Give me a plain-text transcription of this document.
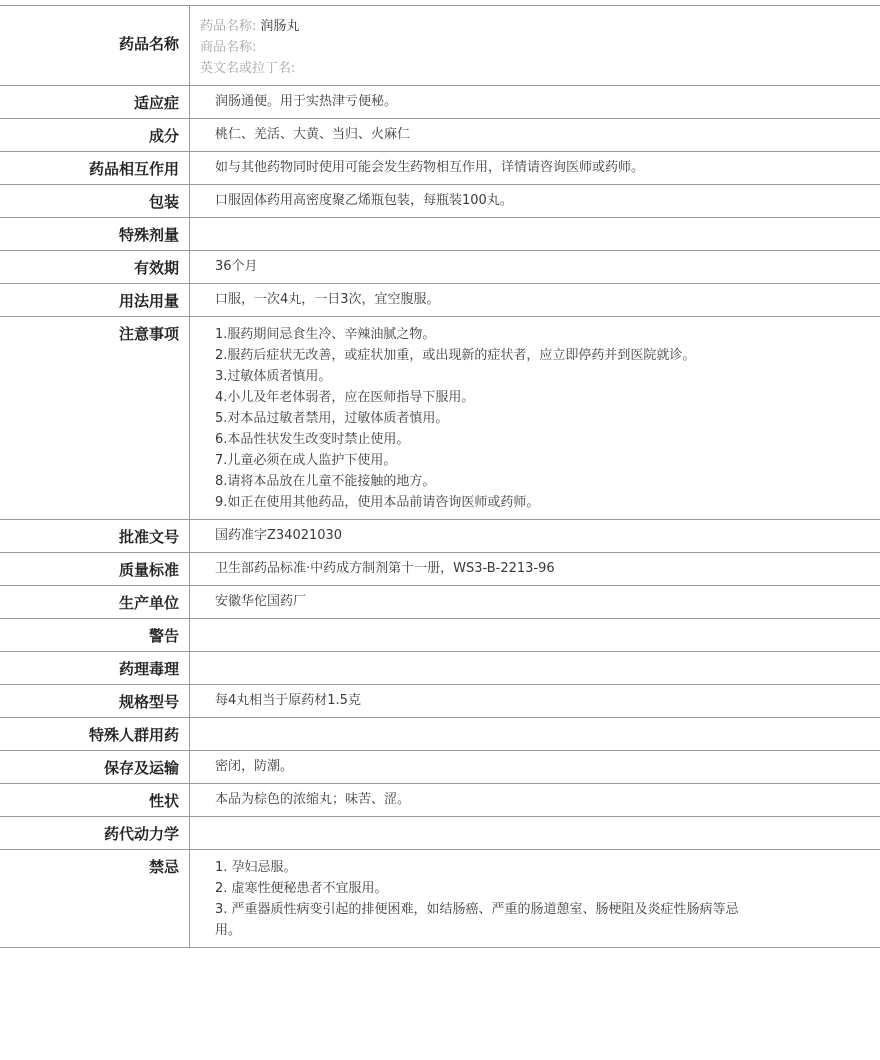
药品名称
药品名称: 润肠丸
商品名称:
英文名或拉丁名:
适应症	润肠通便。用于实热津亏便秘。
成分	桃仁、羌活、大黄、当归、火麻仁
药品相互作用	如与其他药物同时使用可能会发生药物相互作用，详情请咨询医师或药师。
包装	口服固体药用高密度聚乙烯瓶包装，每瓶装100丸。
特殊剂量
有效期	36个月
用法用量	口服，一次4丸，一日3次，宜空腹服。
注意事项	1.服药期间忌食生冷、辛辣油腻之物。
2.服药后症状无改善，或症状加重，或出现新的症状者，应立即停药并到医院就诊。
3.过敏体质者慎用。
4.小儿及年老体弱者，应在医师指导下服用。
5.对本品过敏者禁用，过敏体质者慎用。
6.本品性状发生改变时禁止使用。
7.儿童必须在成人监护下使用。
8.请将本品放在儿童不能接触的地方。
9.如正在使用其他药品，使用本品前请咨询医师或药师。
批准文号	国药准字Z34021030
质量标准	卫生部药品标准·中药成方制剂第十一册，WS3-B-2213-96
生产单位	安徽华佗国药厂
警告
药理毒理
规格型号	每4丸相当于原药材1.5克
特殊人群用药
保存及运输	密闭，防潮。
性状	本品为棕色的浓缩丸；味苦、涩。
药代动力学
禁忌	1. 孕妇忌服。
2. 虚寒性便秘患者不宜服用。
3. 严重器质性病变引起的排便困难，如结肠癌、严重的肠道憩室、肠梗阻及炎症性肠病等忌用。
